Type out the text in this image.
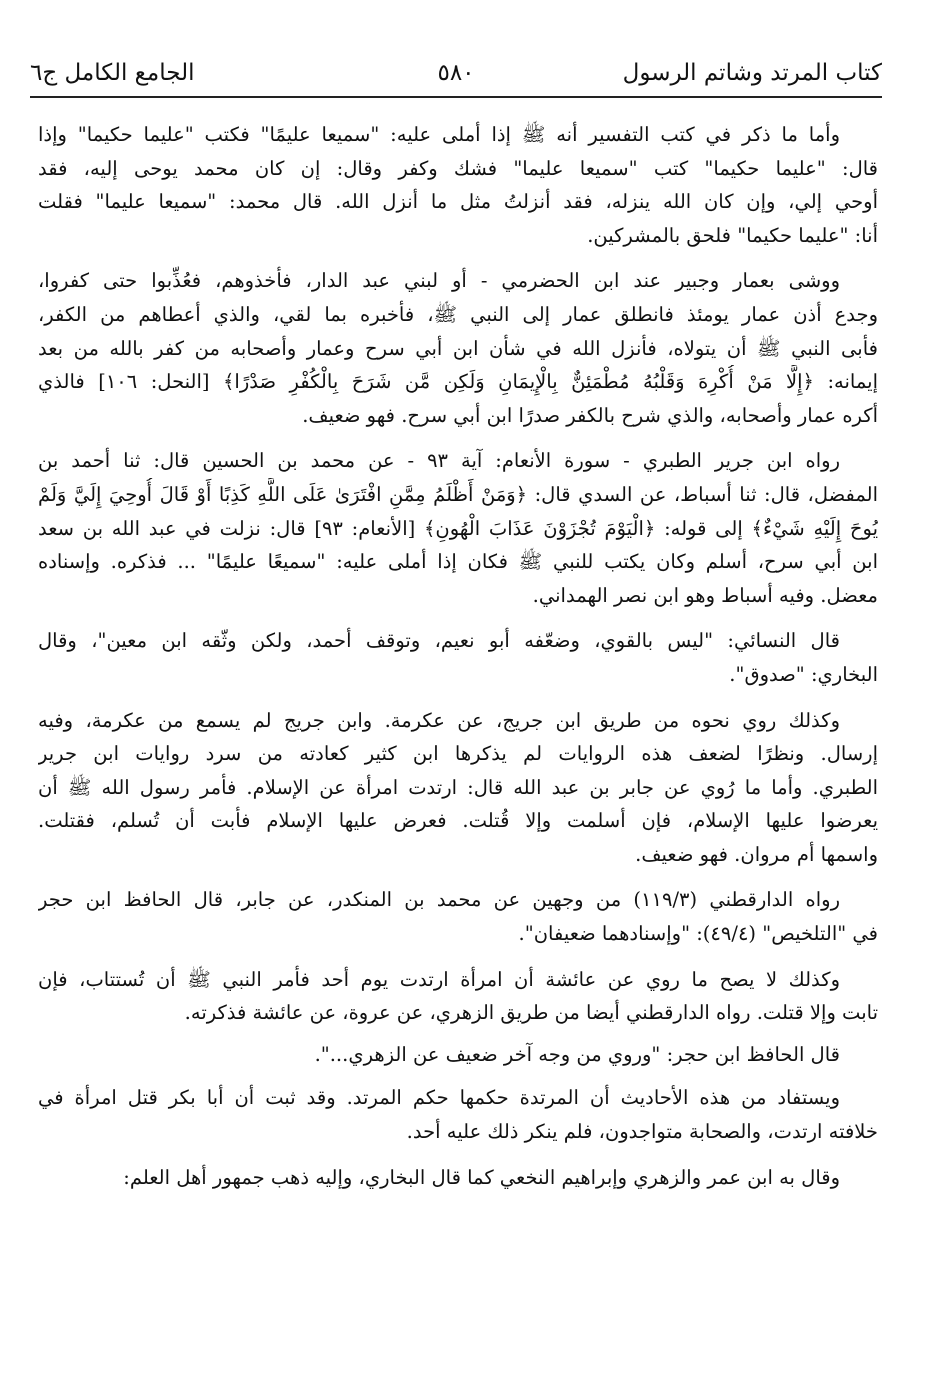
كتاب المرتد وشاتم الرسول
٥٨٠
الجامع الكامل ج٦

وأما ما ذكر في كتب التفسير أنه ﷺ إذا أملى عليه: "سميعا عليمًا" فكتب "عليما حكيما" وإذا
قال: "عليما حكيما" كتب "سميعا عليما" فشك وكفر وقال: إن كان محمد يوحى إليه، فقد
أوحي إلي، وإن كان الله ينزله، فقد أنزلتُ مثل ما أنزل الله. قال محمد: "سميعا عليما" فقلت
أنا: "عليما حكيما" فلحق بالمشركين.

ووشى بعمار وجبير عند ابن الحضرمي - أو لبني عبد الدار، فأخذوهم، فعُذِّبوا حتى كفروا،
وجدع أذن عمار يومئذ فانطلق عمار إلى النبي ﷺ، فأخبره بما لقي، والذي أعطاهم من الكفر،
فأبى النبي ﷺ أن يتولاه، فأنزل الله في شأن ابن أبي سرح وعمار وأصحابه من كفر بالله من بعد
إيمانه: ﴿إِلَّا مَنْ أُكْرِهَ وَقَلْبُهُ مُطْمَئِنٌّ بِالْإِيمَانِ وَلَكِن مَّن شَرَحَ بِالْكُفْرِ صَدْرًا﴾ [النحل: ١٠٦] فالذي
أكره عمار وأصحابه، والذي شرح بالكفر صدرًا ابن أبي سرح. فهو ضعيف.

رواه ابن جرير الطبري - سورة الأنعام: آية ٩٣ - عن محمد بن الحسين قال: ثنا أحمد بن
المفضل، قال: ثنا أسباط، عن السدي قال: ﴿وَمَنْ أَظْلَمُ مِمَّنِ افْتَرَىٰ عَلَى اللَّهِ كَذِبًا أَوْ قَالَ أُوحِيَ إِلَيَّ وَلَمْ
يُوحَ إِلَيْهِ شَيْءٌ﴾ إلى قوله: ﴿الْيَوْمَ تُجْزَوْنَ عَذَابَ الْهُونِ﴾ [الأنعام: ٩٣] قال: نزلت في عبد الله بن سعد
ابن أبي سرح، أسلم وكان يكتب للنبي ﷺ فكان إذا أملى عليه: "سميعًا عليمًا" ... فذكره. وإسناده
معضل. وفيه أسباط وهو ابن نصر الهمداني.

قال النسائي: "ليس بالقوي، وضعّفه أبو نعيم، وتوقف أحمد، ولكن وثّقه ابن معين"، وقال
البخاري: "صدوق".

وكذلك روي نحوه من طريق ابن جريج، عن عكرمة. وابن جريج لم يسمع من عكرمة، وفيه
إرسال. ونظرًا لضعف هذه الروايات لم يذكرها ابن كثير كعادته من سرد روايات ابن جرير
الطبري. وأما ما رُوي عن جابر بن عبد الله قال: ارتدت امرأة عن الإسلام. فأمر رسول الله ﷺ أن
يعرضوا عليها الإسلام، فإن أسلمت وإلا قُتلت. فعرض عليها الإسلام فأبت أن تُسلم، فقتلت.
واسمها أم مروان. فهو ضعيف.

رواه الدارقطني (١١٩/٣) من وجهين عن محمد بن المنكدر، عن جابر، قال الحافظ ابن حجر
في "التلخيص" (٤٩/٤): "وإسنادهما ضعيفان".

وكذلك لا يصح ما روي عن عائشة أن امرأة ارتدت يوم أحد فأمر النبي ﷺ أن تُستتاب، فإن
تابت وإلا قتلت. رواه الدارقطني أيضا من طريق الزهري، عن عروة، عن عائشة فذكرته.

قال الحافظ ابن حجر: "وروي من وجه آخر ضعيف عن الزهري...".

ويستفاد من هذه الأحاديث أن المرتدة حكمها حكم المرتد. وقد ثبت أن أبا بكر قتل امرأة في
خلافته ارتدت، والصحابة متواجدون، فلم ينكر ذلك عليه أحد.

وقال به ابن عمر والزهري وإبراهيم النخعي كما قال البخاري، وإليه ذهب جمهور أهل العلم:
